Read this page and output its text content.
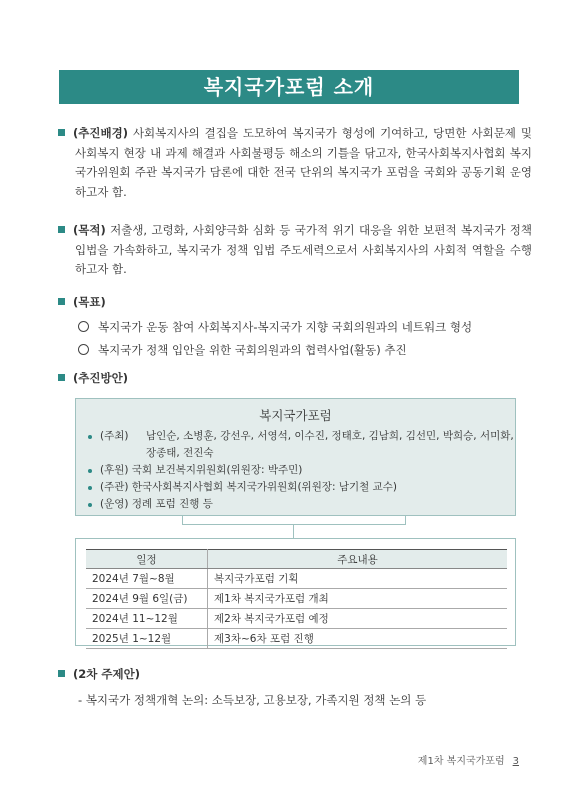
복지국가포럼 소개
(추진배경) 사회복지사의 결집을 도모하여 복지국가 형성에 기여하고, 당면한 사회문제 및 사회복지 현장 내 과제 해결과 사회불평등 해소의 기틀을 닦고자, 한국사회복지사협회 복지국가위원회 주관 복지국가 담론에 대한 전국 단위의 복지국가 포럼을 국회와 공동기획 운영하고자 함.
(목적) 저출생, 고령화, 사회양극화 심화 등 국가적 위기 대응을 위한 보편적 복지국가 정책 입법을 가속화하고, 복지국가 정책 입법 주도세력으로서 사회복지사의 사회적 역할을 수행하고자 함.
(목표)
복지국가 운동 참여 사회복지사-복지국가 지향 국회의원과의 네트워크 형성
복지국가 정책 입안을 위한 국회의원과의 협력사업(활동) 추진
(추진방안)
복지국가포럼
(주최)	남인순, 소병훈, 강선우, 서영석, 이수진, 정태호, 김남희, 김선민, 박희승, 서미화, 장종태, 전진숙
(후원) 국회 보건복지위원회(위원장: 박주민)
(주관) 한국사회복지사협회 복지국가위원회(위원장: 남기철 교수)
(운영) 정례 포럼 진행 등
일정	주요내용
2024년 7월~8월	복지국가포럼 기획
2024년 9월 6일(금)	제1차 복지국가포럼 개최
2024년 11~12월	제2차 복지국가포럼 예정
2025년 1~12월	제3차~6차 포럼 진행
(2차 주제안)
- 복지국가 정책개혁 논의: 소득보장, 고용보장, 가족지원 정책 논의 등
제1차 복지국가포럼 3
